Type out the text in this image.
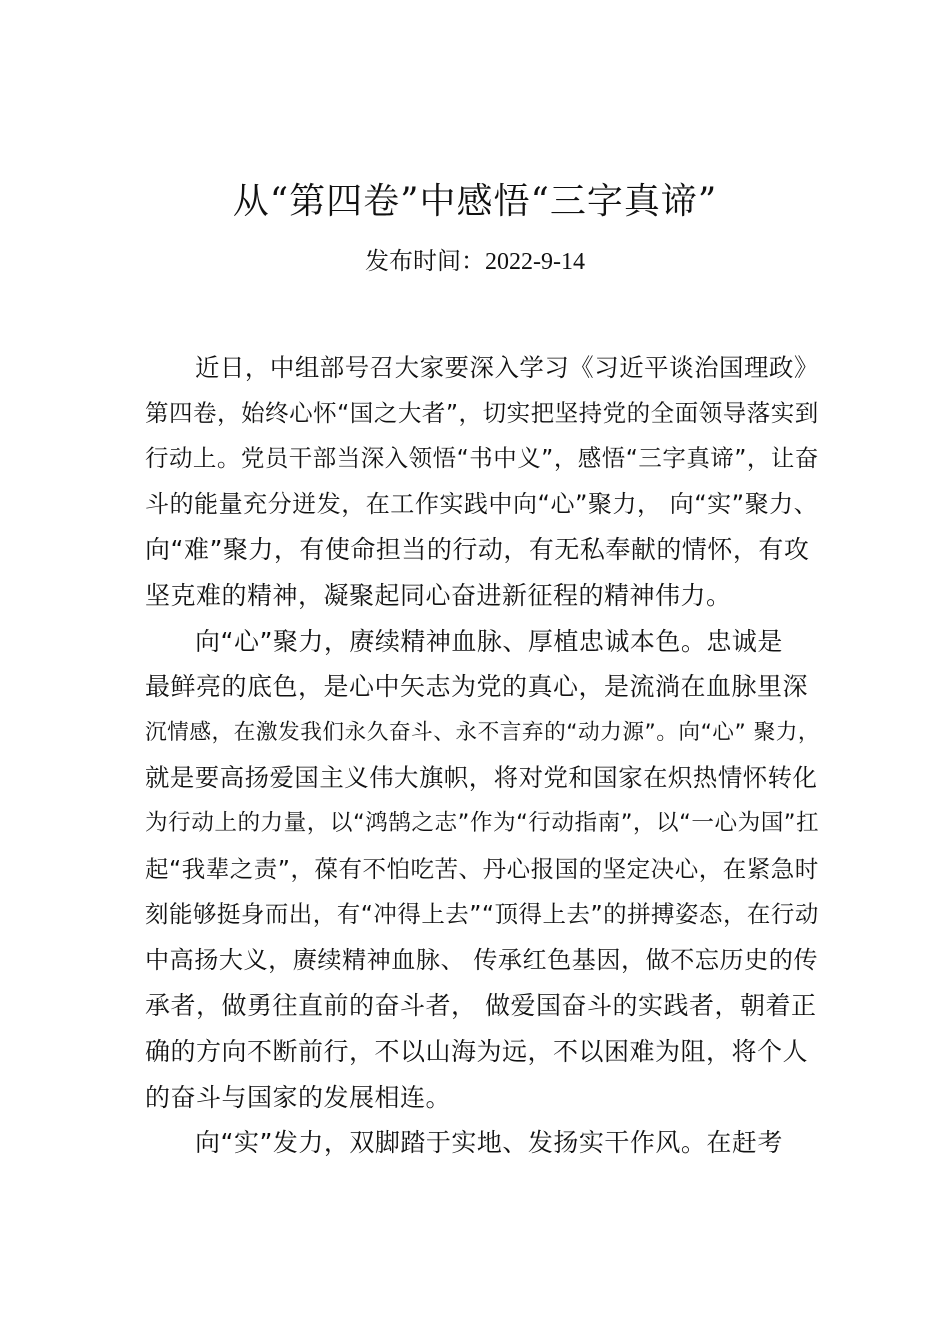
从“第四卷”中感悟“三字真谛”
发布时间：2022-9-14
近日，中组部号召大家要深入学习《习近平谈治国理政》
第四卷，始终心怀“国之大者”，切实把坚持党的全面领导落实到
行动上。党员干部当深入领悟“书中义”，感悟“三字真谛”，让奋
斗的能量充分迸发，在工作实践中向“心”聚力， 向“实”聚力、
向“难”聚力，有使命担当的行动，有无私奉献的情怀，有攻
坚克难的精神，凝聚起同心奋进新征程的精神伟力。
向“心”聚力，赓续精神血脉、厚植忠诚本色。忠诚是
最鲜亮的底色，是心中矢志为党的真心，是流淌在血脉里深
沉情感，在激发我们永久奋斗、永不言弃的“动力源”。向“心” 聚力，
就是要高扬爱国主义伟大旗帜，将对党和国家在炽热情怀转化
为行动上的力量，以“鸿鹄之志”作为“行动指南”，以“一心为国”扛
起“我辈之责”，葆有不怕吃苦、丹心报国的坚定决心，在紧急时
刻能够挺身而出，有“冲得上去”“顶得上去”的拼搏姿态，在行动
中高扬大义，赓续精神血脉、 传承红色基因，做不忘历史的传
承者，做勇往直前的奋斗者， 做爱国奋斗的实践者，朝着正
确的方向不断前行，不以山海为远，不以困难为阻，将个人
的奋斗与国家的发展相连。
向“实”发力，双脚踏于实地、发扬实干作风。在赶考
